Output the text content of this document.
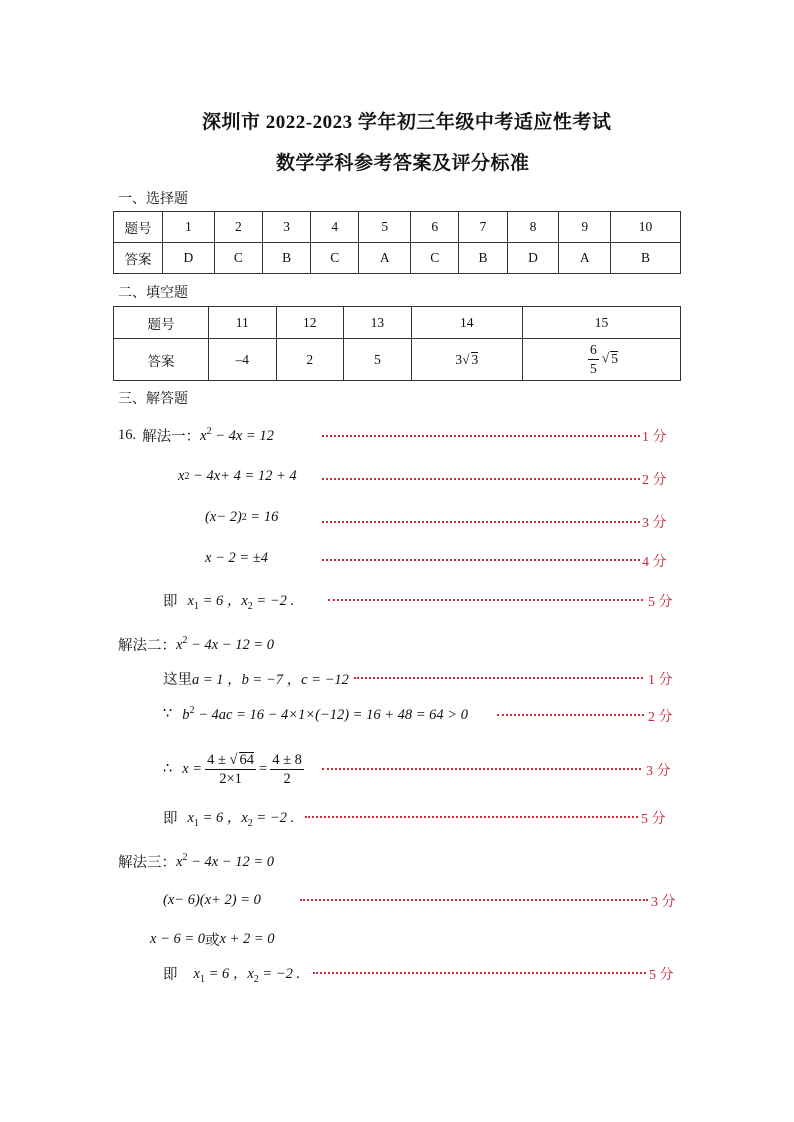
深圳市 2022-2023 学年初三年级中考适应性考试
数学学科参考答案及评分标准
一、选择题
题号	1	2	3	4	5	6	7	8	9	10
答案	D	C	B	C	A	C	B	D	A	B
二、填空题
题号	11	12	13	14	15
答案	–4	2	5	3√ 3	$\frac{6}{5}$ √ 5
三、解答题
16. 解法一： $x^2 - 4x = 12$	1 分
x 2 − 4 x + 4 = 12 + 4	2 分
( x − 2) 2 = 16	3 分
x − 2 = ±4	4 分
即 $x_1 = 6$ ，$x_2 = -2$ .	5 分
解法二： $x^2 - 4x - 12 = 0$
这里 a = 1 ，b = −7 ，c = −12	1 分
∵ $b^2 - 4ac = 16 - 4\times 1\times(-12) = 16 + 48 = 64 > 0$	2 分
∴ $x = \frac{4 \pm √ 64}{2\times 1} = \frac{4 \pm 8}{2}$	3 分
即 $x_1 = 6$ ，$x_2 = -2$ .	5 分
解法三： $x^2 - 4x - 12 = 0$
( x − 6)( x + 2) = 0	3 分
x − 6 = 0 或 x + 2 = 0
即 $x_1 = 6$ ，$x_2 = -2$ .	5 分
